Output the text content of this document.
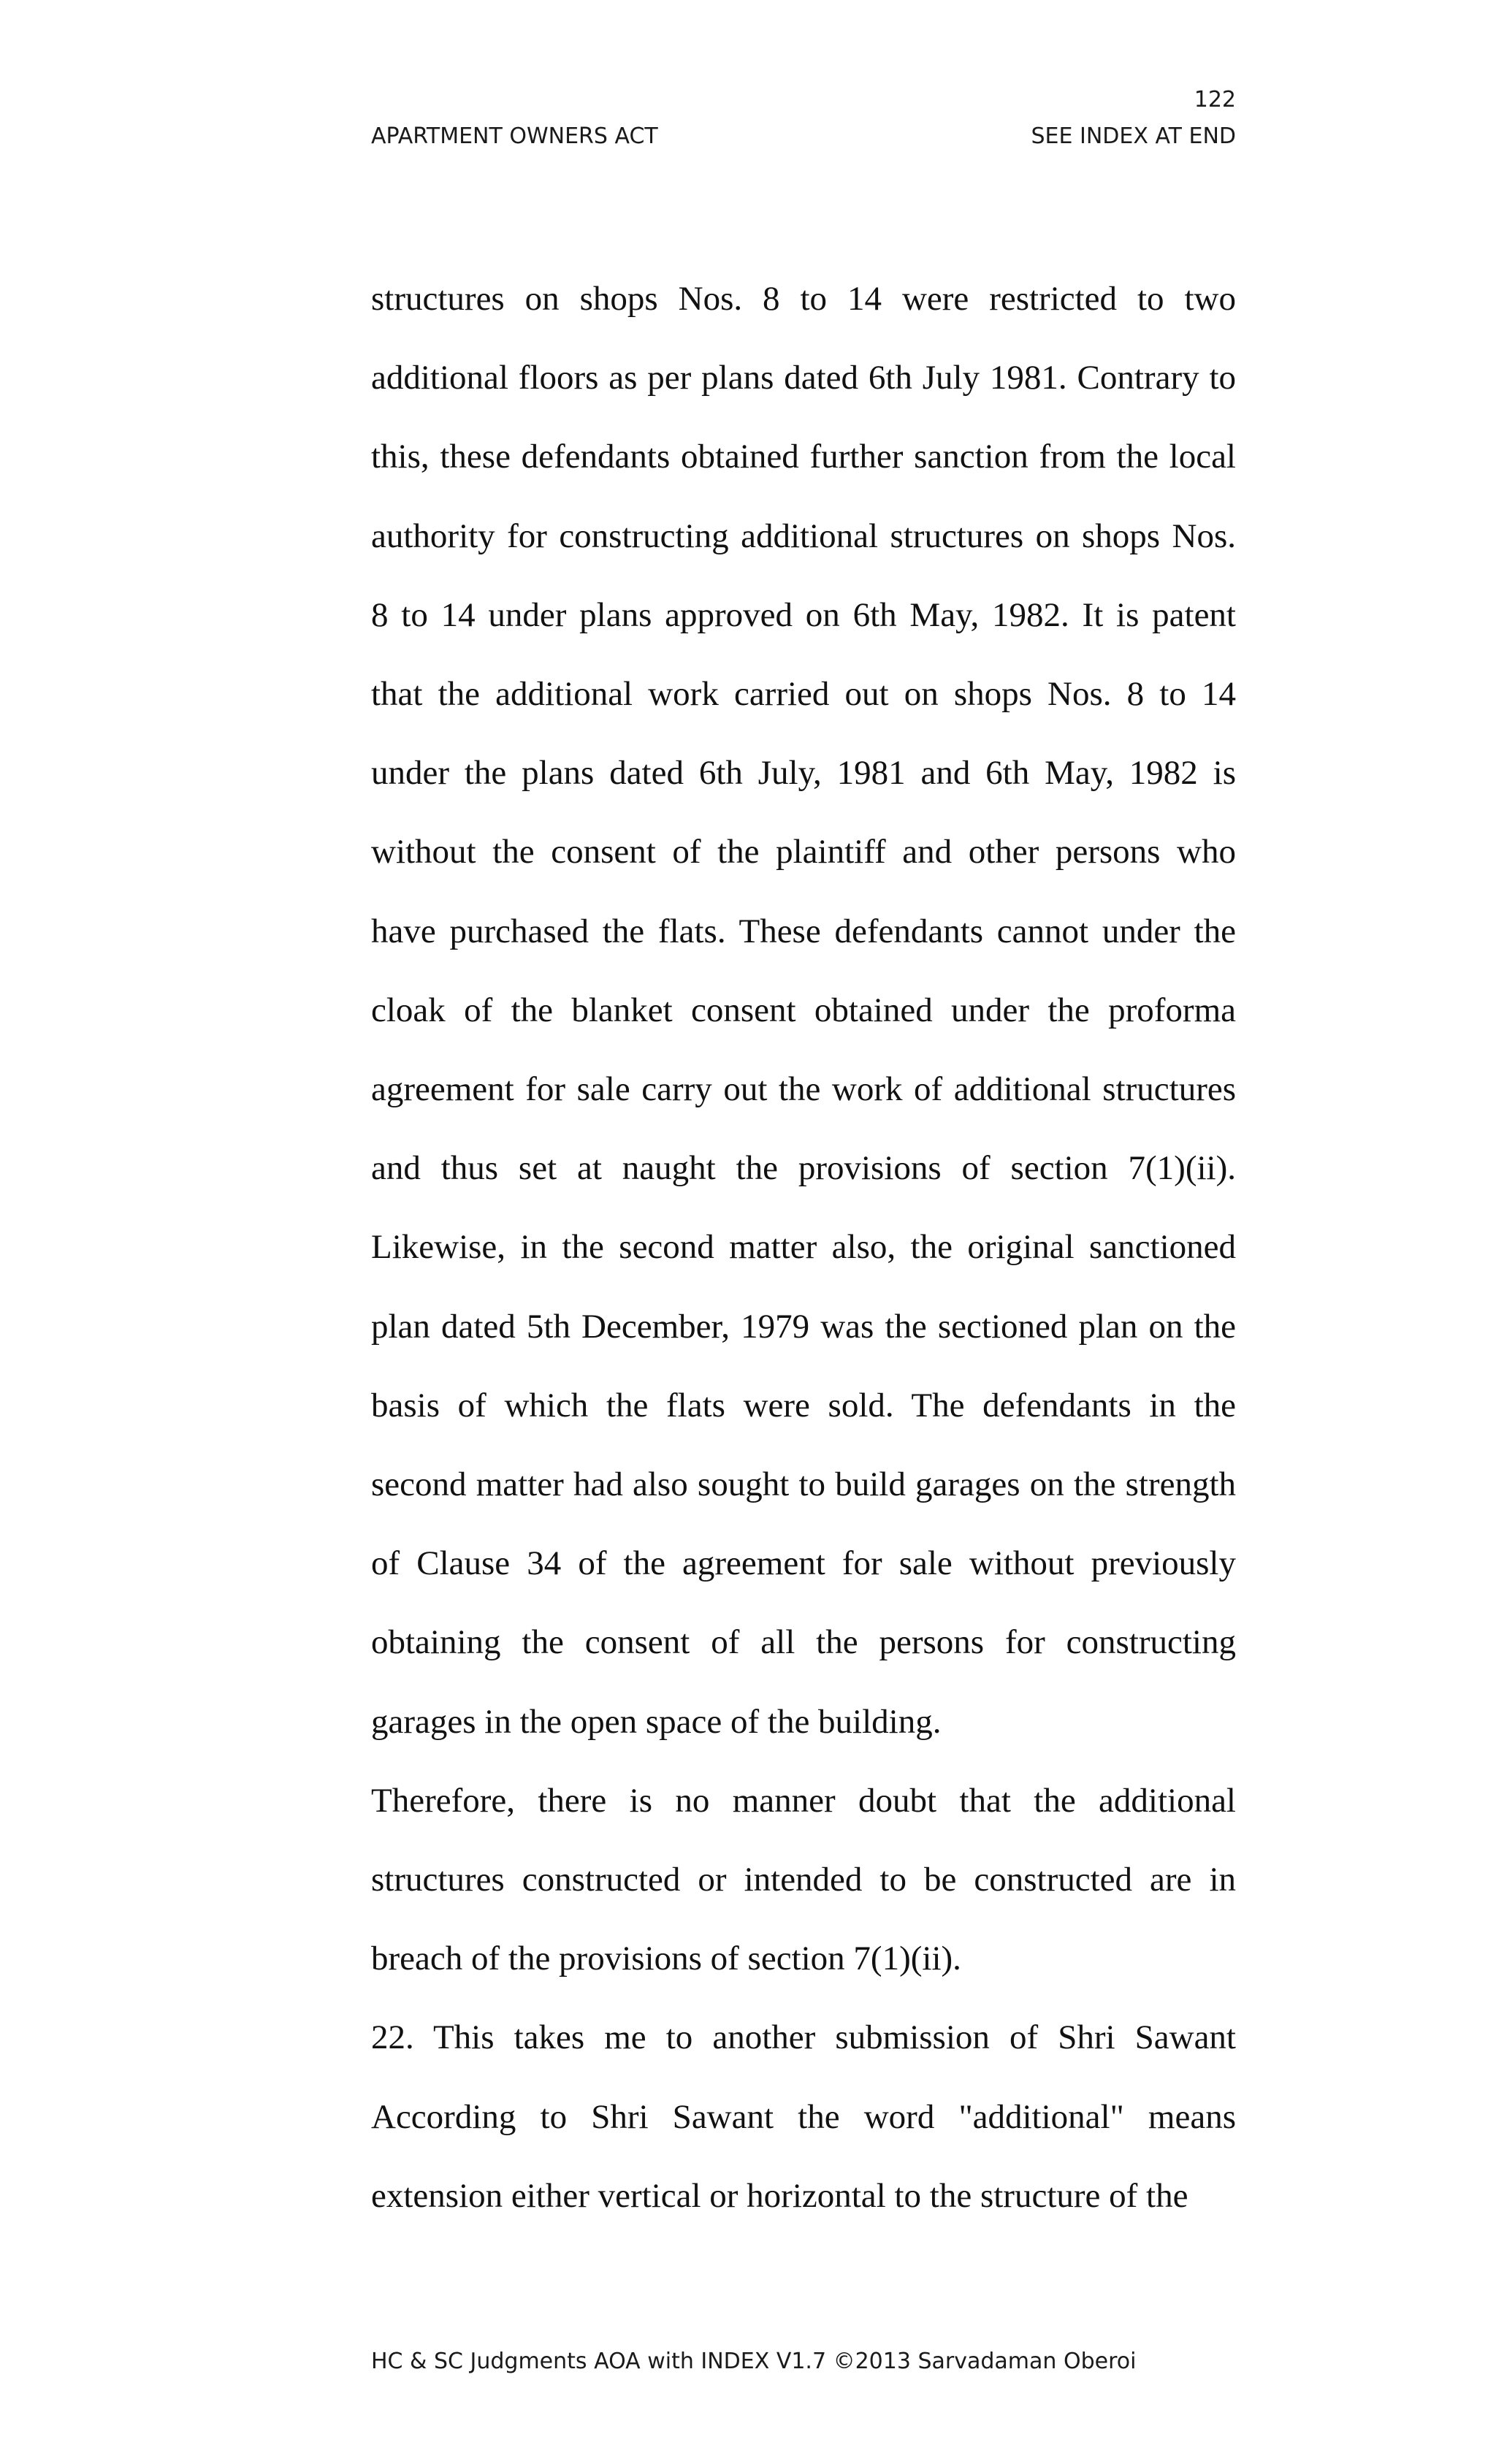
122
APARTMENT OWNERS ACT	SEE INDEX AT END

structures on shops Nos. 8 to 14 were restricted to two additional floors as per plans dated 6th July 1981. Contrary to this, these defendants obtained further sanction from the local authority for constructing additional structures on shops Nos. 8 to 14 under plans approved on 6th May, 1982. It is patent that the additional work carried out on shops Nos. 8 to 14 under the plans dated 6th July, 1981 and 6th May, 1982 is without the consent of the plaintiff and other persons who have purchased the flats. These defendants cannot under the cloak of the blanket consent obtained under the proforma agreement for sale carry out the work of additional structures and thus set at naught the provisions of section 7(1)(ii). Likewise, in the second matter also, the original sanctioned plan dated 5th December, 1979 was the sectioned plan on the basis of which the flats were sold. The defendants in the second matter had also sought to build garages on the strength of Clause 34 of the agreement for sale without previously obtaining the consent of all the persons for constructing garages in the open space of the building.

Therefore, there is no manner doubt that the additional structures constructed or intended to be constructed are in breach of the provisions of section 7(1)(ii).

22. This takes me to another submission of Shri Sawant According to Shri Sawant the word "additional" means extension either vertical or horizontal to the structure of the

HC & SC Judgments AOA with INDEX V1.7 ©2013 Sarvadaman Oberoi
